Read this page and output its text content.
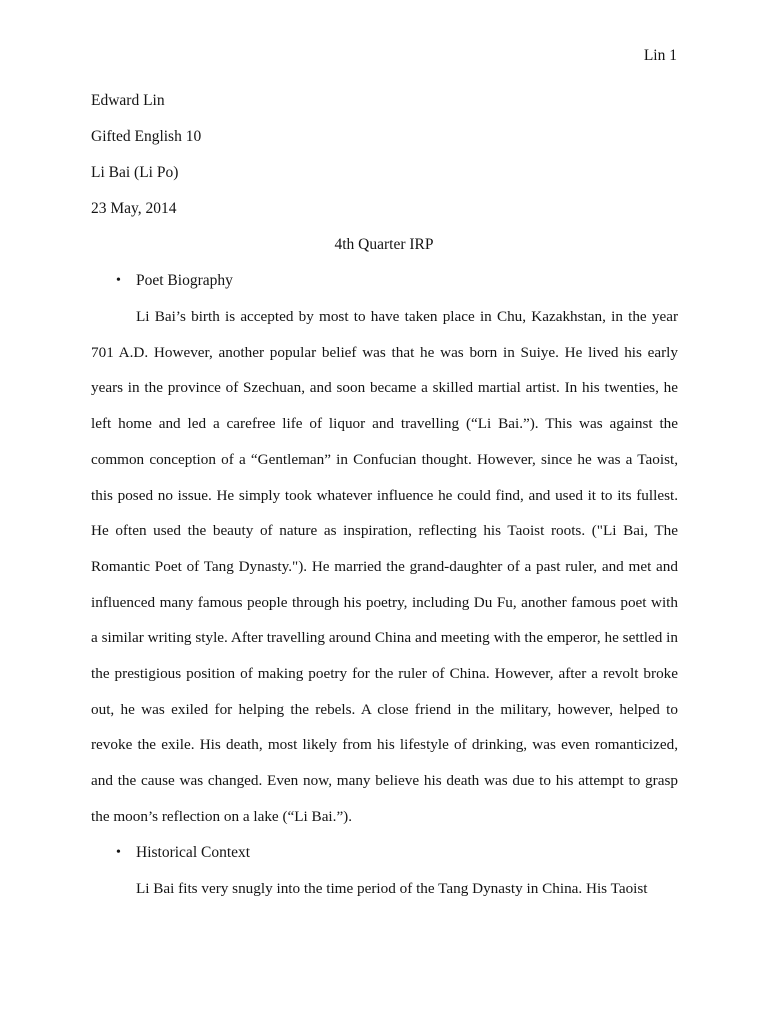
Lin 1
Edward Lin
Gifted English 10
Li Bai (Li Po)
23 May, 2014
4th Quarter IRP
• Poet Biography

Li Bai’s birth is accepted by most to have taken place in Chu, Kazakhstan, in the year 701 A.D. However, another popular belief was that he was born in Suiye. He lived his early years in the province of Szechuan, and soon became a skilled martial artist. In his twenties, he left home and led a carefree life of liquor and travelling (“Li Bai.”). This was against the common conception of a “Gentleman” in Confucian thought. However, since he was a Taoist, this posed no issue. He simply took whatever influence he could find, and used it to its fullest. He often used the beauty of nature as inspiration, reflecting his Taoist roots. ("Li Bai, The Romantic Poet of Tang Dynasty."). He married the grand-daughter of a past ruler, and met and influenced many famous people through his poetry, including Du Fu, another famous poet with a similar writing style. After travelling around China and meeting with the emperor, he settled in the prestigious position of making poetry for the ruler of China. However, after a revolt broke out, he was exiled for helping the rebels. A close friend in the military, however, helped to revoke the exile. His death, most likely from his lifestyle of drinking, was even romanticized, and the cause was changed. Even now, many believe his death was due to his attempt to grasp the moon’s reflection on a lake (“Li Bai.”).

• Historical Context

Li Bai fits very snugly into the time period of the Tang Dynasty in China. His Taoist
